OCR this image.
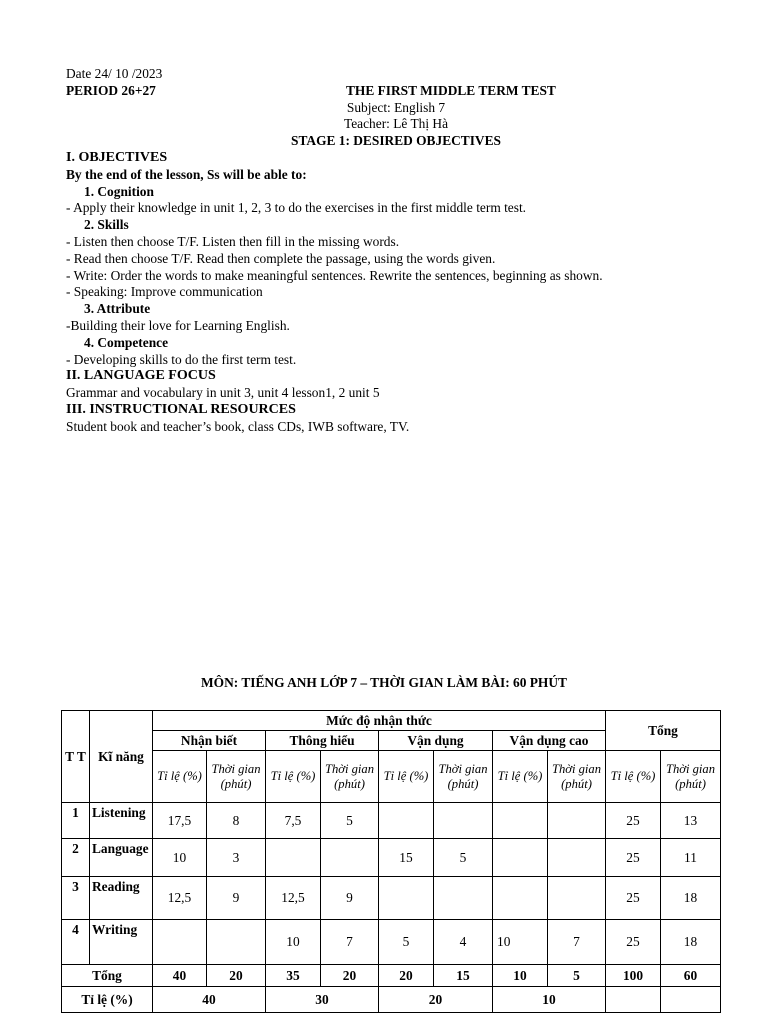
Date 24/ 10 /2023
PERIOD 26+27	THE FIRST MIDDLE TERM TEST
Subject: English 7
Teacher: Lê Thị Hà
STAGE 1: DESIRED OBJECTIVES
I. OBJECTIVES
By the end of the lesson, Ss will be able to:
1. Cognition
- Apply their knowledge in unit 1, 2, 3 to do the exercises in the first middle term test.
2. Skills
- Listen then choose T/F. Listen then fill in the missing words.
- Read then choose T/F. Read then complete the passage, using the words given.
- Write: Order the words to make meaningful sentences. Rewrite the sentences, beginning as shown.
- Speaking: Improve communication
3. Attribute
-Building their love for Learning English.
4. Competence
- Developing skills to do the first term test.
II. LANGUAGE FOCUS
Grammar and vocabulary in unit 3, unit 4 lesson1, 2 unit 5
III. INSTRUCTIONAL RESOURCES
Student book and teacher’s book, class CDs, IWB software, TV.
MÔN: TIẾNG ANH LỚP 7 – THỜI GIAN LÀM BÀI: 60 PHÚT
T T	Kĩ năng	Mức độ nhận thức								Tổng	
		Nhận biết		Thông hiểu		Vận dụng		Vận dụng cao			
		Tỉ lệ (%)	Thời gian (phút)	Tỉ lệ (%)	Thời gian (phút)	Tỉ lệ (%)	Thời gian (phút)	Tỉ lệ (%)	Thời gian (phút)	Tỉ lệ (%)	Thời gian (phút)
1	Listening	17,5	8	7,5	5					25	13
2	Language	10	3			15	5			25	11
3	Reading	12,5	9	12,5	9					25	18
4	Writing			10	7	5	4	10	7	25	18
Tổng		40	20	35	20	20	15	10	5	100	60
Tỉ lệ (%)		40		30		20		10			
